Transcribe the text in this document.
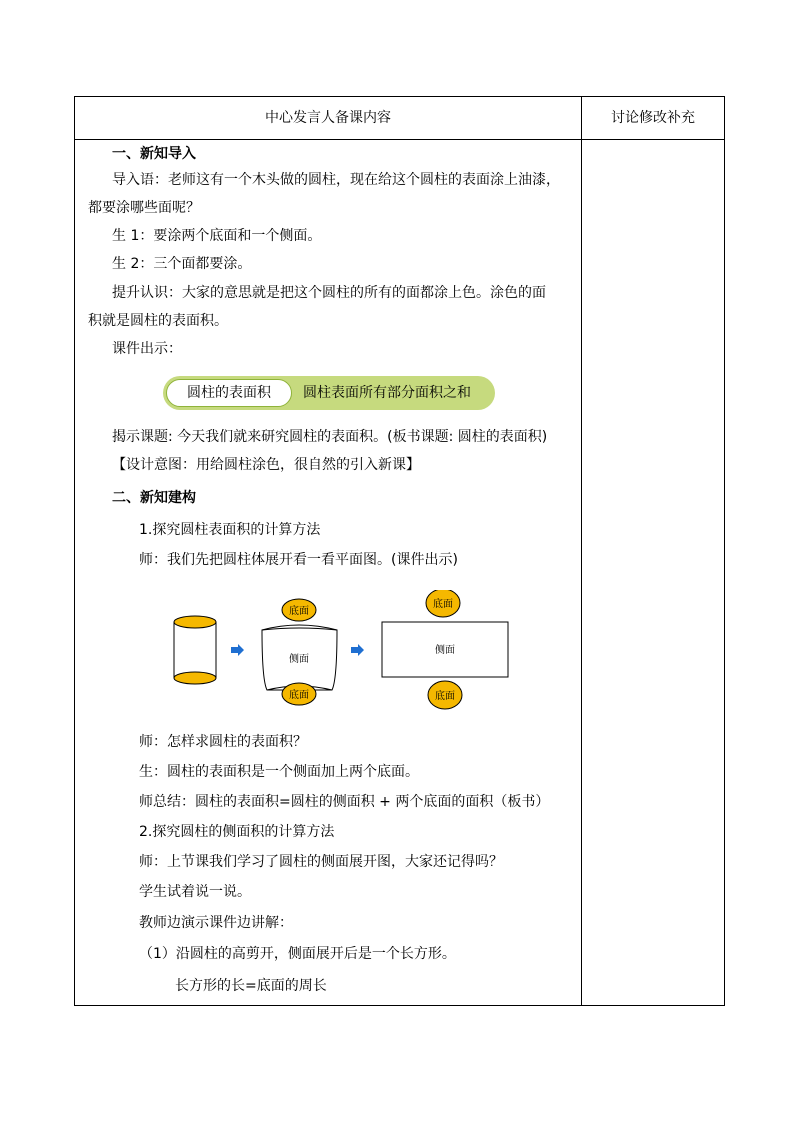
中心发言人备课内容	讨论修改补充
一、新知导入
导入语：老师这有一个木头做的圆柱，现在给这个圆柱的表面涂上油漆，
都要涂哪些面呢？
生 1：要涂两个底面和一个侧面。
生 2：三个面都要涂。
提升认识：大家的意思就是把这个圆柱的所有的面都涂上色。涂色的面
积就是圆柱的表面积。
课件出示：
圆柱的表面积	圆柱表面所有部分面积之和
揭示课题: 今天我们就来研究圆柱的表面积。(板书课题: 圆柱的表面积)
【设计意图：用给圆柱涂色，很自然的引入新课】
二、新知建构
1.探究圆柱表面积的计算方法
师：我们先把圆柱体展开看一看平面图。(课件出示)
侧面
底面
底面
侧面
底面
底面
师：怎样求圆柱的表面积？
生：圆柱的表面积是一个侧面加上两个底面。
师总结：圆柱的表面积=圆柱的侧面积 + 两个底面的面积（板书）
2.探究圆柱的侧面积的计算方法
师：上节课我们学习了圆柱的侧面展开图，大家还记得吗？
学生试着说一说。
教师边演示课件边讲解：
（1）沿圆柱的高剪开，侧面展开后是一个长方形。
长方形的长=底面的周长
